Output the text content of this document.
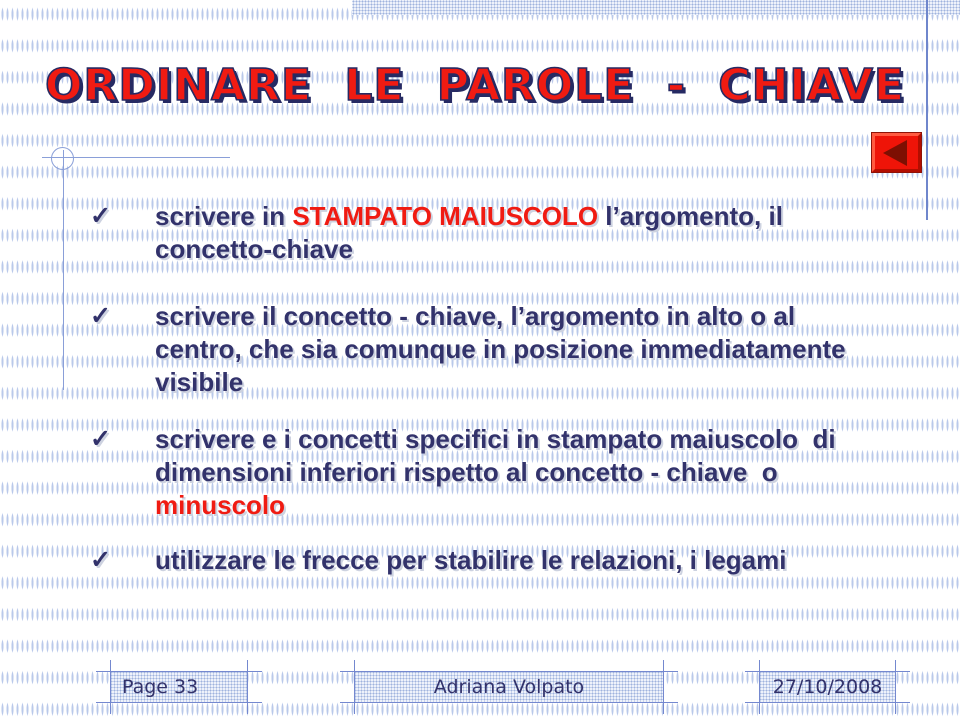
ORDINARE LE PAROLE - CHIAVE
✓	scrivere in STAMPATO MAIUSCOLO l’argomento, il
concetto-chiave
✓	scrivere il concetto - chiave, l’argomento in alto o al
centro, che sia comunque in posizione immediatamente
visibile
✓	scrivere e i concetti specifici in stampato maiuscolo  di
dimensioni inferiori rispetto al concetto - chiave  o
minuscolo
✓	utilizzare le frecce per stabilire le relazioni, i legami
Page 33	Adriana Volpato	27/10/2008
